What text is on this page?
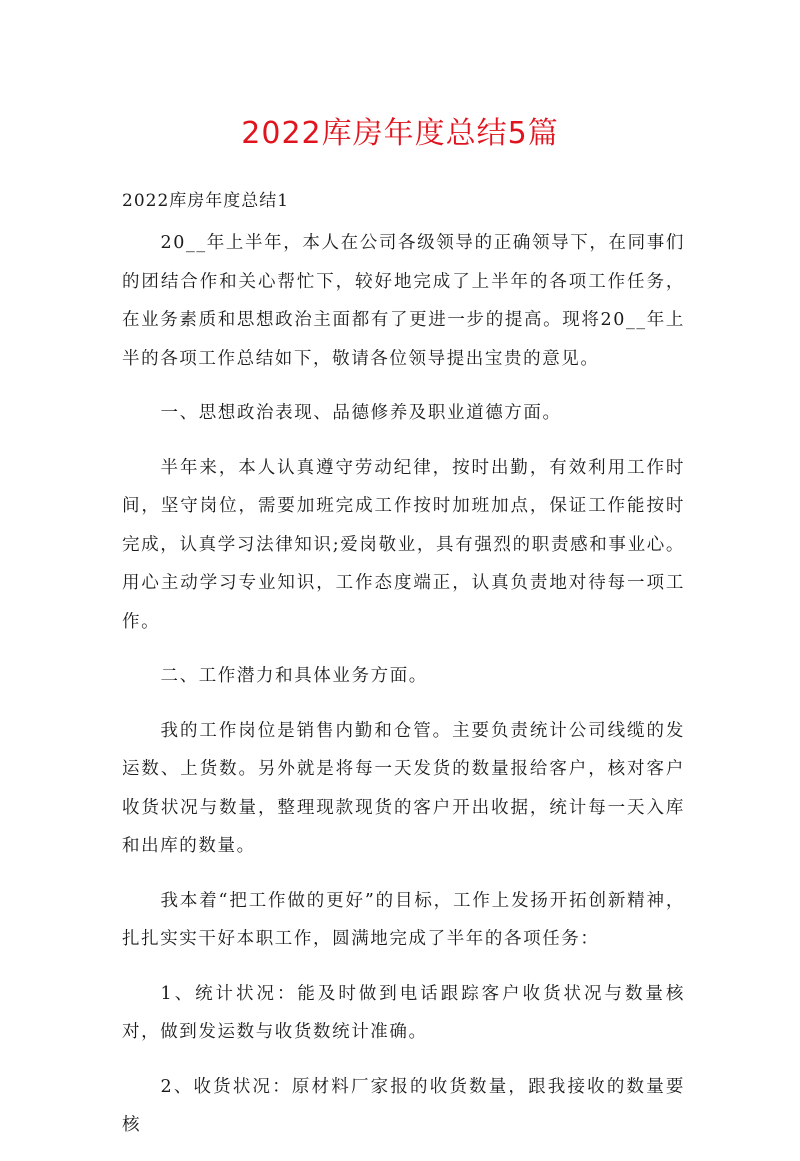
2022库房年度总结5篇
2022库房年度总结1

20__年上半年，本人在公司各级领导的正确领导下，在同事们的团结合作和关心帮忙下，较好地完成了上半年的各项工作任务，在业务素质和思想政治主面都有了更进一步的提高。现将20__年上半的各项工作总结如下，敬请各位领导提出宝贵的意见。

一、思想政治表现、品德修养及职业道德方面。

半年来，本人认真遵守劳动纪律，按时出勤，有效利用工作时间，坚守岗位，需要加班完成工作按时加班加点，保证工作能按时完成，认真学习法律知识;爱岗敬业，具有强烈的职责感和事业心。用心主动学习专业知识，工作态度端正，认真负责地对待每一项工作。

二、工作潜力和具体业务方面。

我的工作岗位是销售内勤和仓管。主要负责统计公司线缆的发运数、上货数。另外就是将每一天发货的数量报给客户，核对客户收货状况与数量，整理现款现货的客户开出收据，统计每一天入库和出库的数量。

我本着“把工作做的更好”的目标，工作上发扬开拓创新精神，扎扎实实干好本职工作，圆满地完成了半年的各项任务：

1、统计状况：能及时做到电话跟踪客户收货状况与数量核对，做到发运数与收货数统计准确。

2、收货状况：原材料厂家报的收货数量，跟我接收的数量要核
